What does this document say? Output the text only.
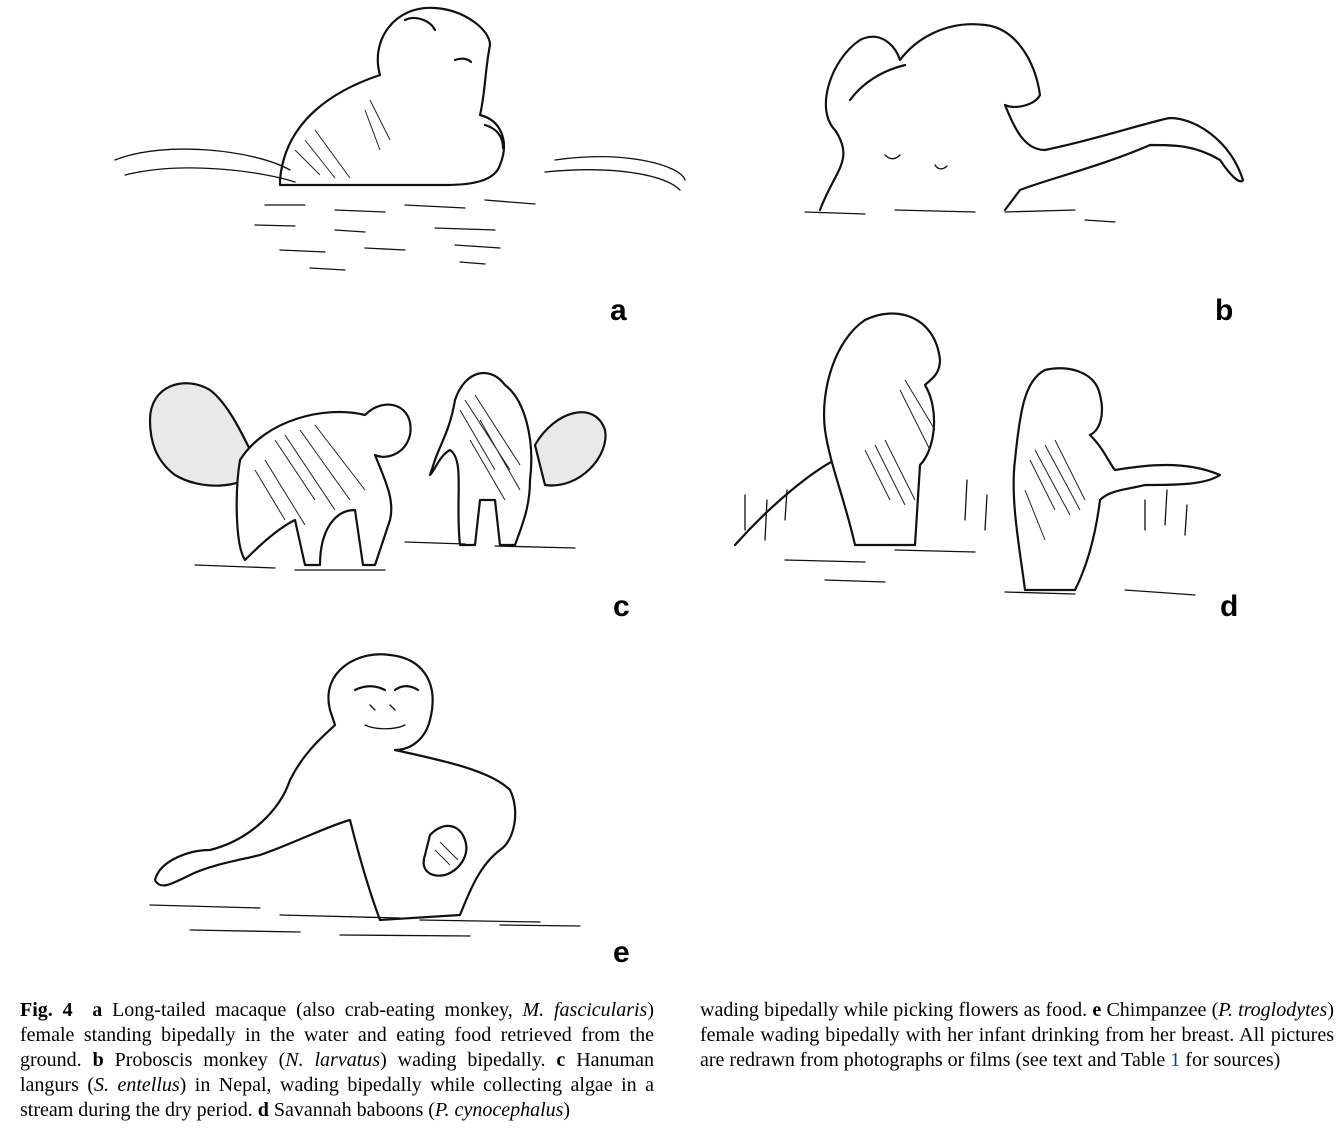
a	b
c	d
e
Fig. 4 a Long-tailed macaque (also crab-eating monkey, M. fascicularis) female standing bipedally in the water and eating food retrieved from the ground. b Proboscis monkey (N. larvatus) wading bipedally. c Hanuman langurs (S. entellus) in Nepal, wading bipedally while collecting algae in a stream during the dry period. d Savannah baboons (P. cynocephalus)
wading bipedally while picking flowers as food. e Chimpanzee (P. troglodytes) female wading bipedally with her infant drinking from her breast. All pictures are redrawn from photographs or films (see text and Table 1 for sources)
